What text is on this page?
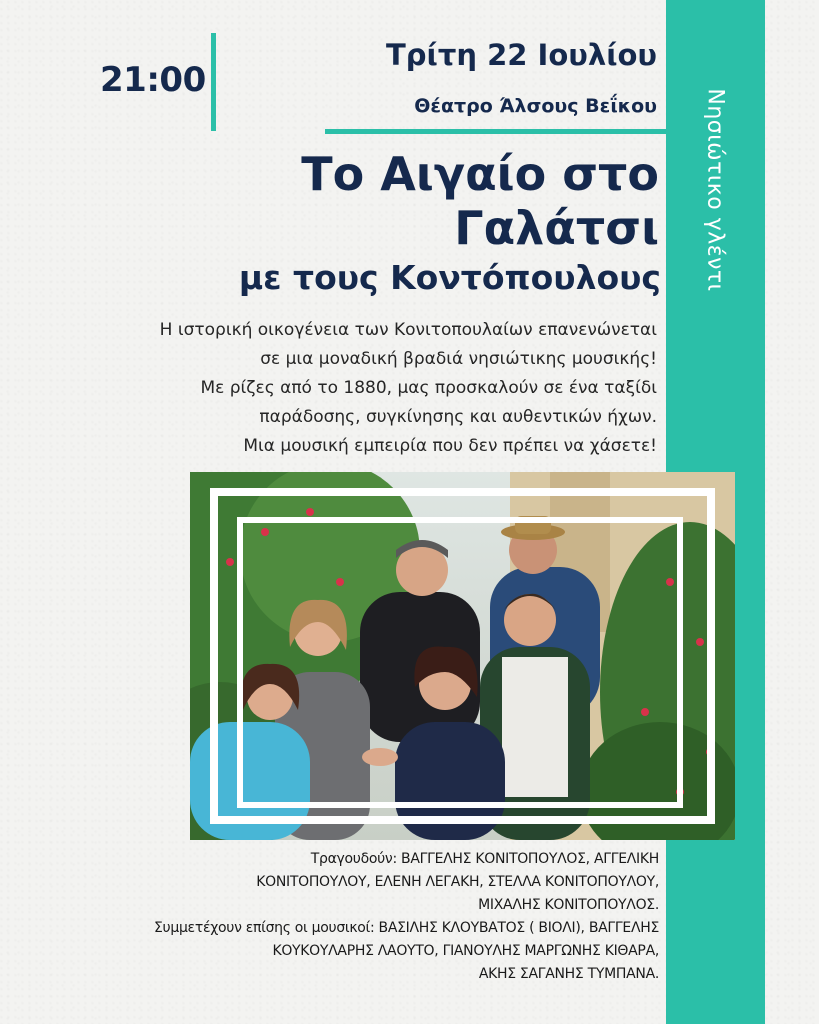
Νησιώτικο γλέντι
21:00
Τρίτη 22 Ιουλίου
Θέατρο Άλσους Βεΐκου
Το Αιγαίο στο
Γαλάτσι
με τους Κοντόπουλους
Η ιστορική οικογένεια των Κονιτοπουλαίων επανενώνεται
σε μια μοναδική βραδιά νησιώτικης μουσικής!
Με ρίζες από το 1880, μας προσκαλούν σε ένα ταξίδι
παράδοσης, συγκίνησης και αυθεντικών ήχων.
Μια μουσική εμπειρία που δεν πρέπει να χάσετε!
Τραγουδούν: ΒΑΓΓΕΛΗΣ ΚΟΝΙΤΟΠΟΥΛΟΣ, ΑΓΓΕΛΙΚΗ
ΚΟΝΙΤΟΠΟΥΛΟΥ, ΕΛΕΝΗ ΛΕΓΑΚΗ, ΣΤΕΛΛΑ ΚΟΝΙΤΟΠΟΥΛΟΥ,
ΜΙΧΑΛΗΣ ΚΟΝΙΤΟΠΟΥΛΟΣ.
Συμμετέχουν επίσης οι μουσικοί: ΒΑΣΙΛΗΣ ΚΛΟΥΒΑΤΟΣ ( ΒΙΟΛΙ), ΒΑΓΓΕΛΗΣ
ΚΟΥΚΟΥΛΑΡΗΣ ΛΑΟΥΤΟ, ΓΙΑΝΟΥΛΗΣ ΜΑΡΓΩΝΗΣ ΚΙΘΑΡΑ,
ΑΚΗΣ ΣΑΓΑΝΗΣ ΤΥΜΠΑΝΑ.
